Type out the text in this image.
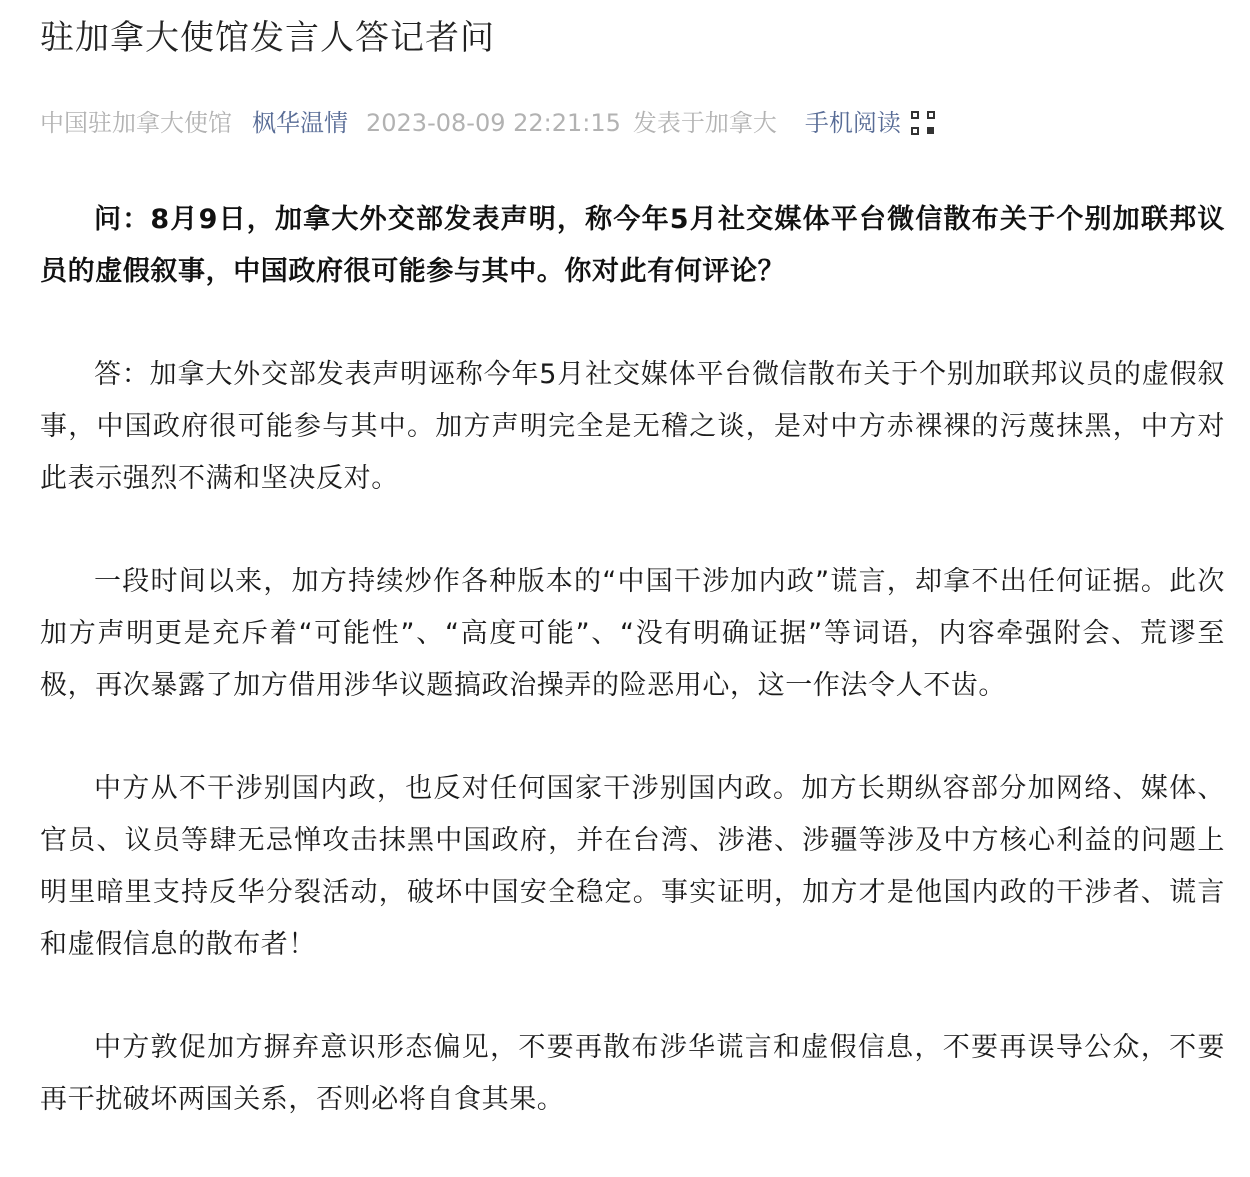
驻加拿大使馆发言人答记者问
中国驻加拿大使馆 枫华温情 2023-08-09 22:21:15 发表于加拿大 手机阅读

问：8月9日，加拿大外交部发表声明，称今年5月社交媒体平台微信散布关于个别加联邦议员的虚假叙事，中国政府很可能参与其中。你对此有何评论？

答：加拿大外交部发表声明诬称今年5月社交媒体平台微信散布关于个别加联邦议员的虚假叙事，中国政府很可能参与其中。加方声明完全是无稽之谈，是对中方赤裸裸的污蔑抹黑，中方对此表示强烈不满和坚决反对。

一段时间以来，加方持续炒作各种版本的“中国干涉加内政”谎言，却拿不出任何证据。此次加方声明更是充斥着“可能性”、“高度可能”、“没有明确证据”等词语，内容牵强附会、荒谬至极，再次暴露了加方借用涉华议题搞政治操弄的险恶用心，这一作法令人不齿。

中方从不干涉别国内政，也反对任何国家干涉别国内政。加方长期纵容部分加网络、媒体、官员、议员等肆无忌惮攻击抹黑中国政府，并在台湾、涉港、涉疆等涉及中方核心利益的问题上明里暗里支持反华分裂活动，破坏中国安全稳定。事实证明，加方才是他国内政的干涉者、谎言和虚假信息的散布者！

中方敦促加方摒弃意识形态偏见，不要再散布涉华谎言和虚假信息，不要再误导公众，不要再干扰破坏两国关系，否则必将自食其果。
